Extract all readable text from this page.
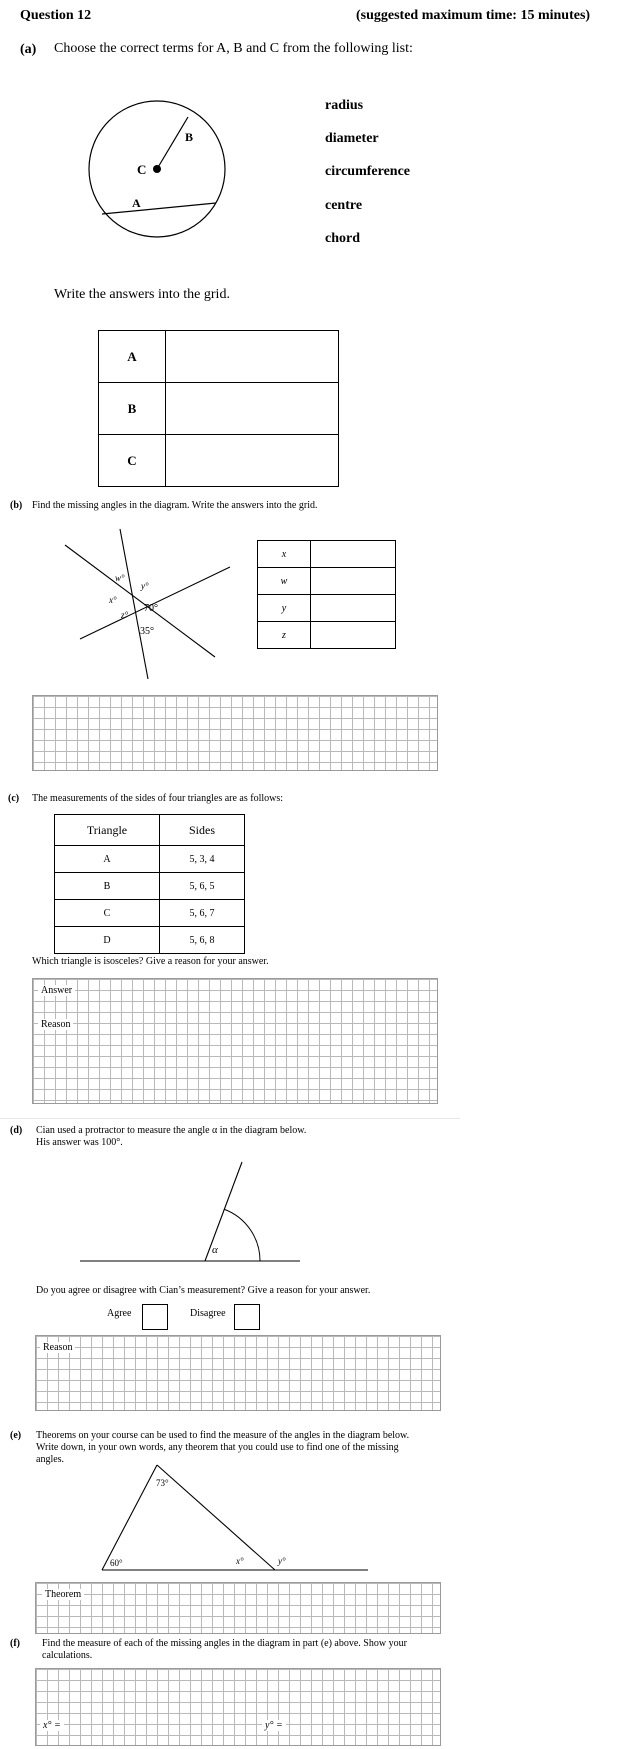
Question 12	(suggested maximum time: 15 minutes)
(a) Choose the correct terms for A, B and C from the following list:
B
C
A
radius
diameter
circumference
centre
chord
Write the answers into the grid.
A	
B	
C	
(b) Find the missing angles in the diagram. Write the answers into the grid.
w°
y°
x°
z°
70°
35°
x	
w	
y	
z	
(c) The measurements of the sides of four triangles are as follows:
Triangle	Sides
A	5, 3, 4
B	5, 6, 5
C	5, 6, 7
D	5, 6, 8
Which triangle is isosceles? Give a reason for your answer.
Answer
Reason
(d) Cian used a protractor to measure the angle α in the diagram below.
His answer was 100°.
α
Do you agree or disagree with Cian’s measurement? Give a reason for your answer.
Agree	Disagree
Reason
(e) Theorems on your course can be used to find the measure of the angles in the diagram below.
Write down, in your own words, any theorem that you could use to find one of the missing
angles.
73°
60°	x°	y°
Theorem
(f) Find the measure of each of the missing angles in the diagram in part (e) above. Show your
calculations.
x° =	y° =
